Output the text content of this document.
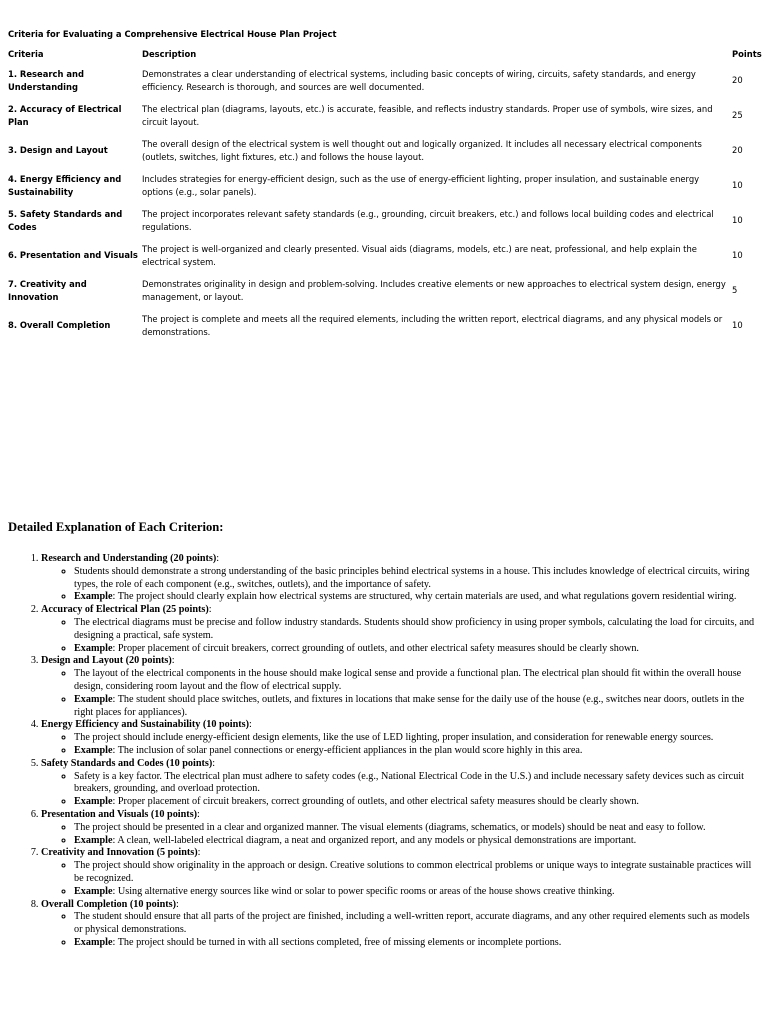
Criteria for Evaluating a Comprehensive Electrical House Plan Project
Criteria	Description	Points
1. Research and Understanding
Demonstrates a clear understanding of electrical systems, including basic concepts of wiring, circuits, safety standards, and energy efficiency. Research is thorough, and sources are well documented.
20
2. Accuracy of Electrical Plan
The electrical plan (diagrams, layouts, etc.) is accurate, feasible, and reflects industry standards. Proper use of symbols, wire sizes, and circuit layout.
25
3. Design and Layout
The overall design of the electrical system is well thought out and logically organized. It includes all necessary electrical components (outlets, switches, light fixtures, etc.) and follows the house layout.
20
4. Energy Efficiency and Sustainability
Includes strategies for energy-efficient design, such as the use of energy-efficient lighting, proper insulation, and sustainable energy options (e.g., solar panels).
10
5. Safety Standards and Codes
The project incorporates relevant safety standards (e.g., grounding, circuit breakers, etc.) and follows local building codes and electrical regulations.
10
6. Presentation and Visuals
The project is well-organized and clearly presented. Visual aids (diagrams, models, etc.) are neat, professional, and help explain the electrical system.
10
7. Creativity and Innovation
Demonstrates originality in design and problem-solving. Includes creative elements or new approaches to electrical system design, energy management, or layout.
5
8. Overall Completion
The project is complete and meets all the required elements, including the written report, electrical diagrams, and any physical models or demonstrations.
10
Detailed Explanation of Each Criterion:
1. Research and Understanding (20 points):
◦ Students should demonstrate a strong understanding of the basic principles behind electrical systems in a house. This includes knowledge of electrical circuits, wiring types, the role of each component (e.g., switches, outlets), and the importance of safety.
◦ Example: The project should clearly explain how electrical systems are structured, why certain materials are used, and what regulations govern residential wiring.
2. Accuracy of Electrical Plan (25 points):
◦ The electrical diagrams must be precise and follow industry standards. Students should show proficiency in using proper symbols, calculating the load for circuits, and designing a practical, safe system.
◦ Example: Proper placement of circuit breakers, correct grounding of outlets, and other electrical safety measures should be clearly shown.
3. Design and Layout (20 points):
◦ The layout of the electrical components in the house should make logical sense and provide a functional plan. The electrical plan should fit within the overall house design, considering room layout and the flow of electrical supply.
◦ Example: The student should place switches, outlets, and fixtures in locations that make sense for the daily use of the house (e.g., switches near doors, outlets in the right places for appliances).
4. Energy Efficiency and Sustainability (10 points):
◦ The project should include energy-efficient design elements, like the use of LED lighting, proper insulation, and consideration for renewable energy sources.
◦ Example: The inclusion of solar panel connections or energy-efficient appliances in the plan would score highly in this area.
5. Safety Standards and Codes (10 points):
◦ Safety is a key factor. The electrical plan must adhere to safety codes (e.g., National Electrical Code in the U.S.) and include necessary safety devices such as circuit breakers, grounding, and overload protection.
◦ Example: Proper placement of circuit breakers, correct grounding of outlets, and other electrical safety measures should be clearly shown.
6. Presentation and Visuals (10 points):
◦ The project should be presented in a clear and organized manner. The visual elements (diagrams, schematics, or models) should be neat and easy to follow.
◦ Example: A clean, well-labeled electrical diagram, a neat and organized report, and any models or physical demonstrations are important.
7. Creativity and Innovation (5 points):
◦ The project should show originality in the approach or design. Creative solutions to common electrical problems or unique ways to integrate sustainable practices will be recognized.
◦ Example: Using alternative energy sources like wind or solar to power specific rooms or areas of the house shows creative thinking.
8. Overall Completion (10 points):
◦ The student should ensure that all parts of the project are finished, including a well-written report, accurate diagrams, and any other required elements such as models or physical demonstrations.
◦ Example: The project should be turned in with all sections completed, free of missing elements or incomplete portions.
